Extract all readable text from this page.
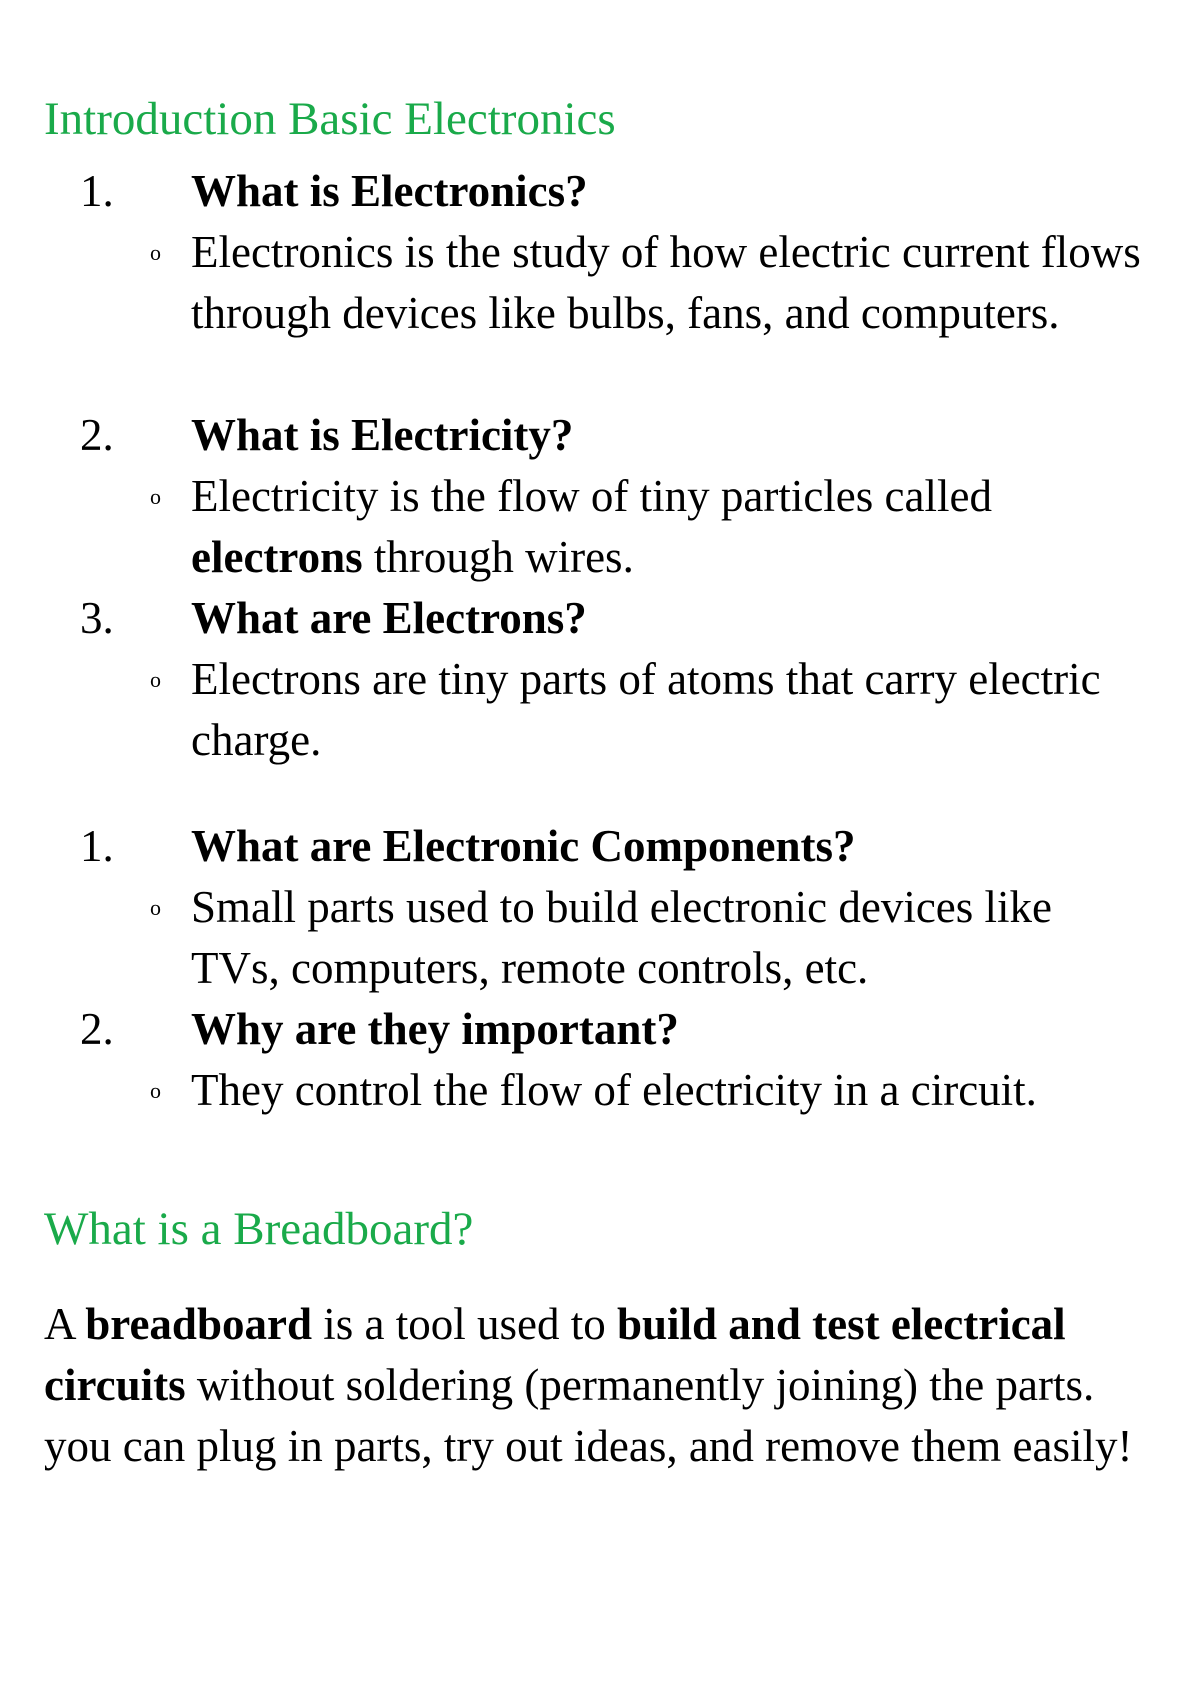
Introduction Basic Electronics
1. What is Electronics?
o Electronics is the study of how electric current flows through devices like bulbs, fans, and computers.

2. What is Electricity?
o Electricity is the flow of tiny particles called electrons through wires.

3. What are Electrons?
o Electrons are tiny parts of atoms that carry electric charge.

1. What are Electronic Components?
o Small parts used to build electronic devices like TVs, computers, remote controls, etc.

2. Why are they important?
o They control the flow of electricity in a circuit.

What is a Breadboard?

A breadboard is a tool used to build and test electrical circuits without soldering (permanently joining) the parts. you can plug in parts, try out ideas, and remove them easily!
